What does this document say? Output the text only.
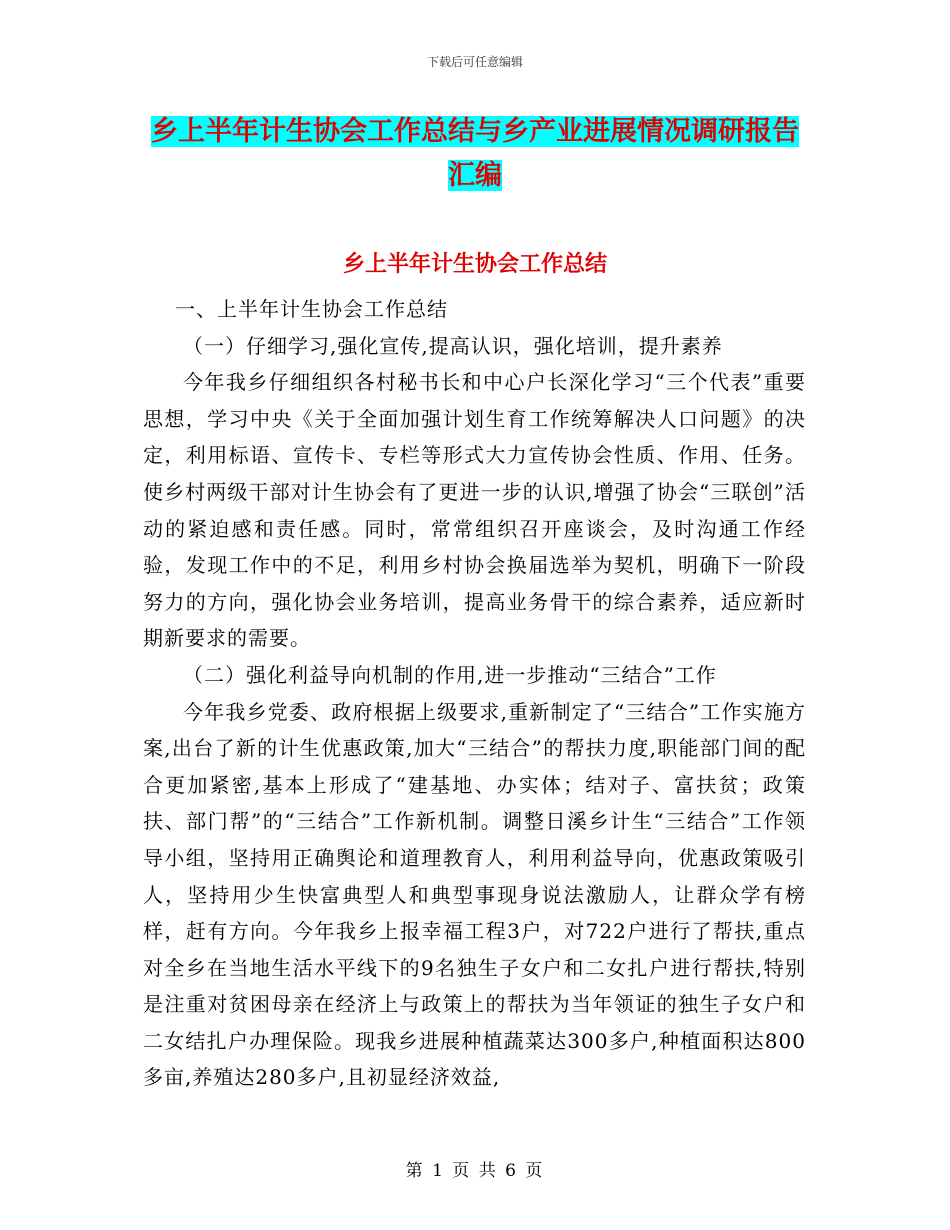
下载后可任意编辑
乡上半年计生协会工作总结与乡产业进展情况调研报告汇编
乡上半年计生协会工作总结

一、上半年计生协会工作总结

（一）仔细学习,强化宣传,提高认识，强化培训，提升素养

今年我乡仔细组织各村秘书长和中心户长深化学习“三个代表”重要思想，学习中央《关于全面加强计划生育工作统筹解决人口问题》的决定，利用标语、宣传卡、专栏等形式大力宣传协会性质、作用、任务。使乡村两级干部对计生协会有了更进一步的认识,增强了协会“三联创”活动的紧迫感和责任感。同时，常常组织召开座谈会，及时沟通工作经验，发现工作中的不足，利用乡村协会换届选举为契机，明确下一阶段努力的方向，强化协会业务培训，提高业务骨干的综合素养，适应新时期新要求的需要。

（二）强化利益导向机制的作用,进一步推动“三结合”工作

今年我乡党委、政府根据上级要求,重新制定了“三结合”工作实施方案,出台了新的计生优惠政策,加大“三结合”的帮扶力度,职能部门间的配合更加紧密,基本上形成了“建基地、办实体；结对子、富扶贫；政策扶、部门帮”的“三结合”工作新机制。调整日溪乡计生“三结合”工作领导小组，坚持用正确舆论和道理教育人，利用利益导向，优惠政策吸引人，坚持用少生快富典型人和典型事现身说法激励人，让群众学有榜样，赶有方向。今年我乡上报幸福工程3户，对722户进行了帮扶,重点对全乡在当地生活水平线下的9名独生子女户和二女扎户进行帮扶,特别是注重对贫困母亲在经济上与政策上的帮扶为当年领证的独生子女户和二女结扎户办理保险。现我乡进展种植蔬菜达300多户,种植面积达800多亩,养殖达280多户,且初显经济效益,

第 1 页 共 6 页
